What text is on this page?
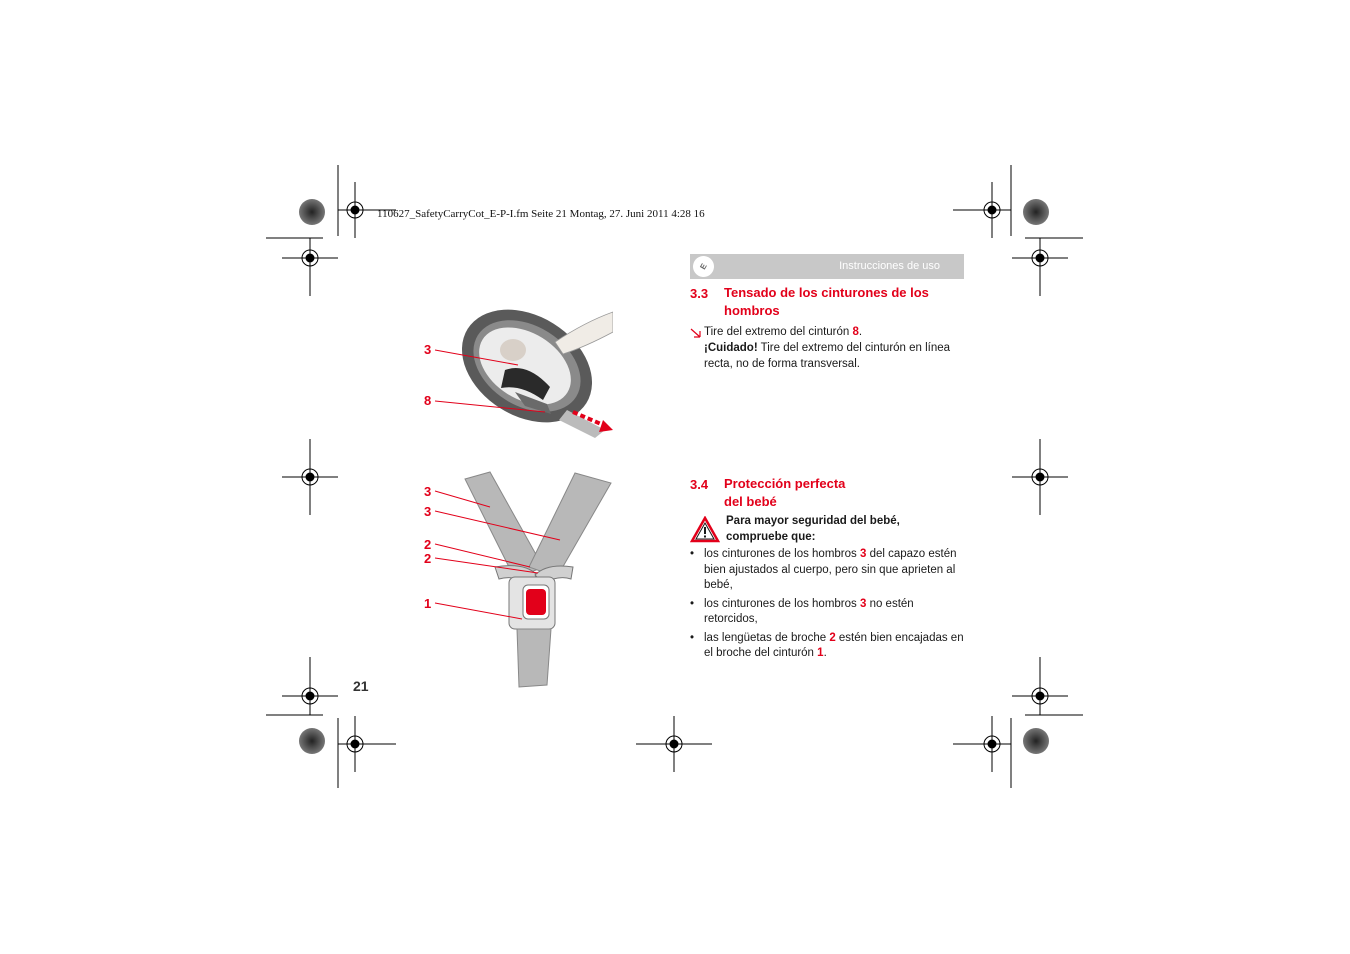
110627_SafetyCarryCot_E-P-I.fm Seite 21 Montag, 27. Juni 2011 4:28 16
E	Instrucciones de uso
3
8
3
3
2
2
1
21
3.3 Tensado de los cinturones de los
hombros
Tire del extremo del cinturón 8.
¡Cuidado! Tire del extremo del cinturón en línea recta, no de forma transversal.
3.4 Protección perfecta
del bebé
Para mayor seguridad del bebé,
compruebe que:
• los cinturones de los hombros 3 del capazo estén bien ajustados al cuerpo, pero sin que aprieten al bebé,
• los cinturones de los hombros 3 no estén retorcidos,
• las lengüetas de broche 2 estén bien encajadas en el broche del cinturón 1.
